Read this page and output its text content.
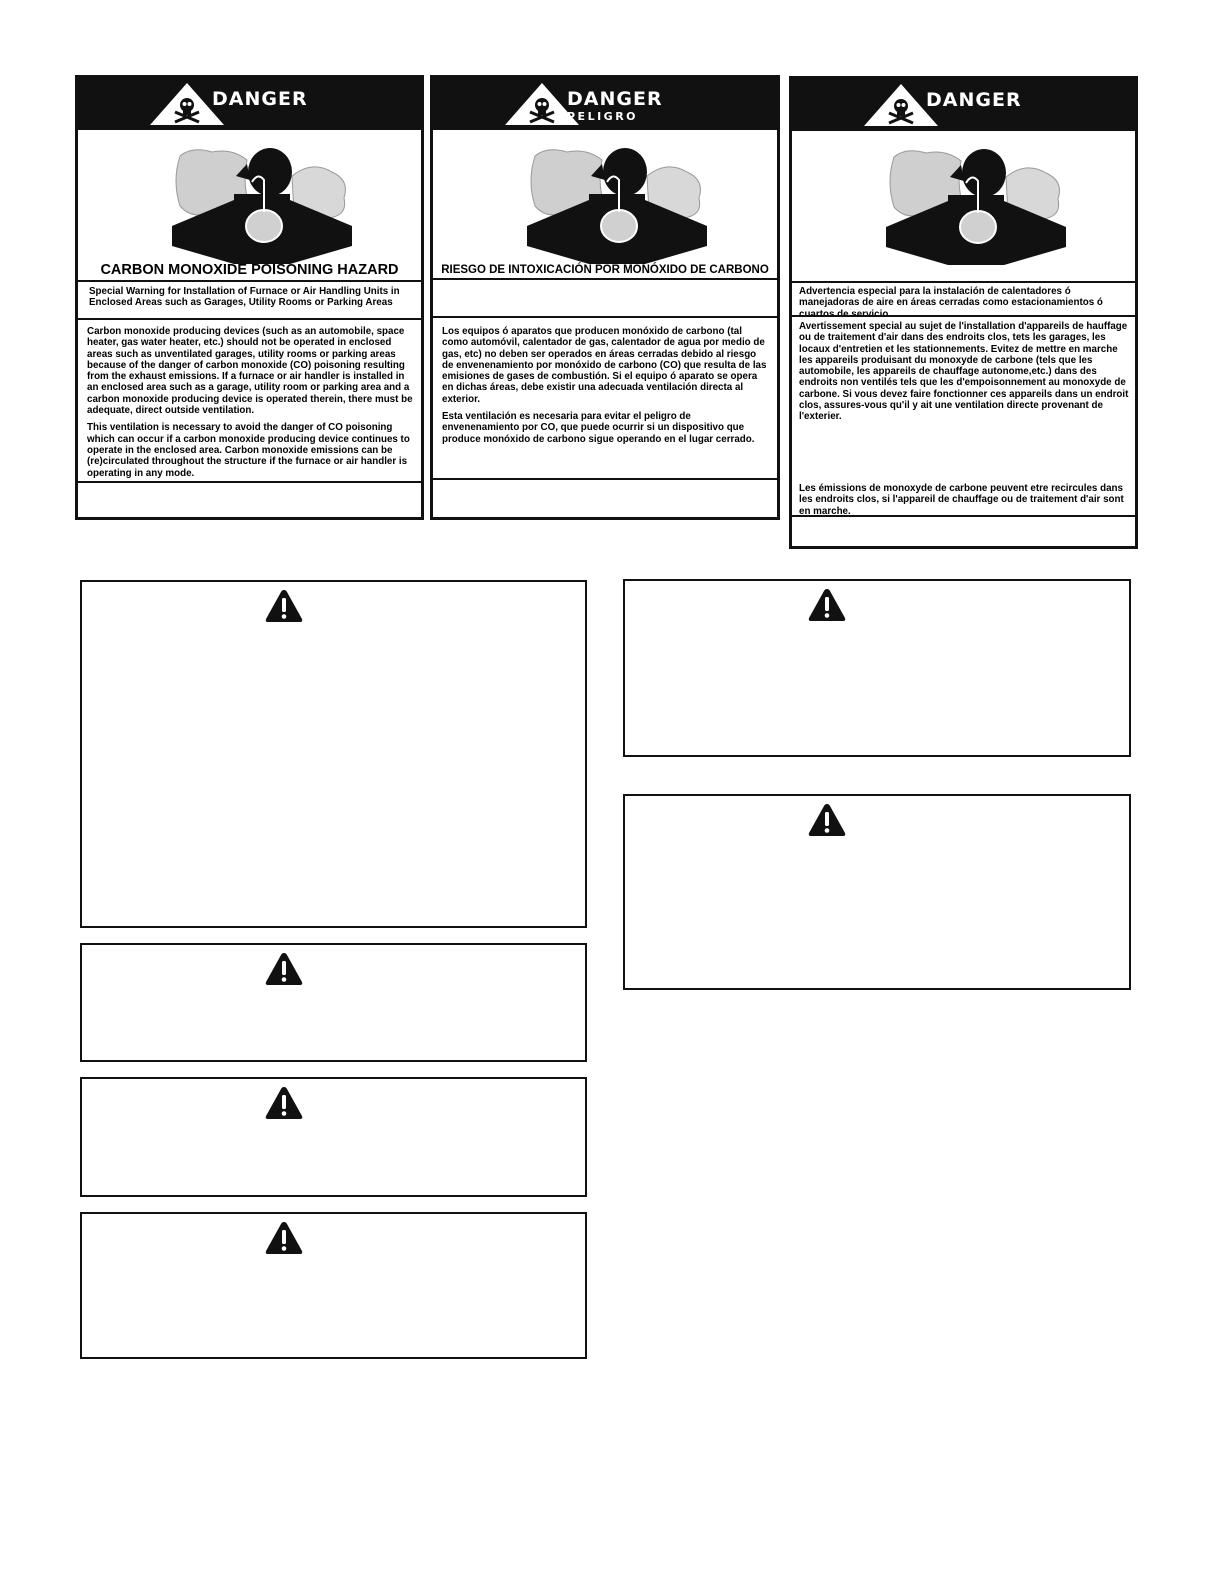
DANGER
CARBON MONOXIDE POISONING HAZARD
Special Warning for Installation of Furnace or Air Handling Units in Enclosed Areas such as Garages, Utility Rooms or Parking Areas

Carbon monoxide producing devices (such as an automobile, space heater, gas water heater, etc.) should not be operated in enclosed areas such as unventilated garages, utility rooms or parking areas because of the danger of carbon monoxide (CO) poisoning resulting from the exhaust emissions. If a furnace or air handler is installed in an enclosed area such as a garage, utility room or parking area and a carbon monoxide producing device is operated therein, there must be adequate, direct outside ventilation.

This ventilation is necessary to avoid the danger of CO poisoning which can occur if a carbon monoxide producing device continues to operate in the enclosed area. Carbon monoxide emissions can be (re)circulated throughout the structure if the furnace or air handler is operating in any mode.

DANGER
PELIGRO
RIESGO DE INTOXICACIÓN POR MONÓXIDO DE CARBONO

Los equipos ó aparatos que producen monóxido de carbono (tal como automóvil, calentador de gas, calentador de agua por medio de gas, etc) no deben ser operados en áreas cerradas debido al riesgo de envenenamiento por monóxido de carbono (CO) que resulta de las emisiones de gases de combustión. Si el equipo ó aparato se opera en dichas áreas, debe existir una adecuada ventilación directa al exterior.

Esta ventilación es necesaria para evitar el peligro de envenenamiento por CO, que puede ocurrir si un dispositivo que produce monóxido de carbono sigue operando en el lugar cerrado.

DANGER
Advertencia especial para la instalación de calentadores ó manejadoras de aire en áreas cerradas como estacionamientos ó cuartos de servicio.

Avertissement special au sujet de l'installation d'appareils de hauffage ou de traitement d'air dans des endroits clos, tets les garages, les locaux d'entretien et les stationnements. Evitez de mettre en marche les appareils produisant du monoxyde de carbone (tels que les automobile, les appareils de chauffage autonome,etc.) dans des endroits non ventilés tels que les d'empoisonnement au monoxyde de carbone. Si vous devez faire fonctionner ces appareils dans un endroit clos, assures-vous qu'il y ait une ventilation directe provenant de l'exterier.

Les émissions de monoxyde de carbone peuvent etre recircules dans les endroits clos, si l'appareil de chauffage ou de traitement d'air sont en marche.
